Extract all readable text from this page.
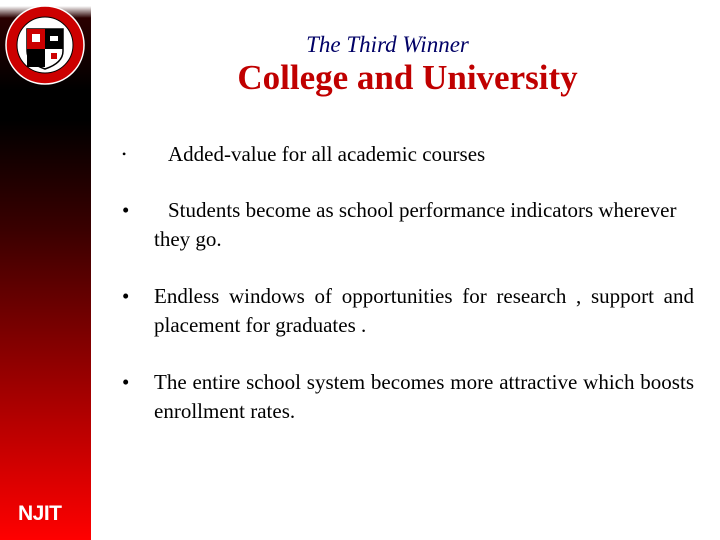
NJIT
The Third Winner
College and University
•	Added-value for all academic courses
•	Students become as school performance indicators wherever they go.
• Endless windows of opportunities for research , support and placement for graduates .
• The entire school system becomes more attractive which boosts enrollment rates.
